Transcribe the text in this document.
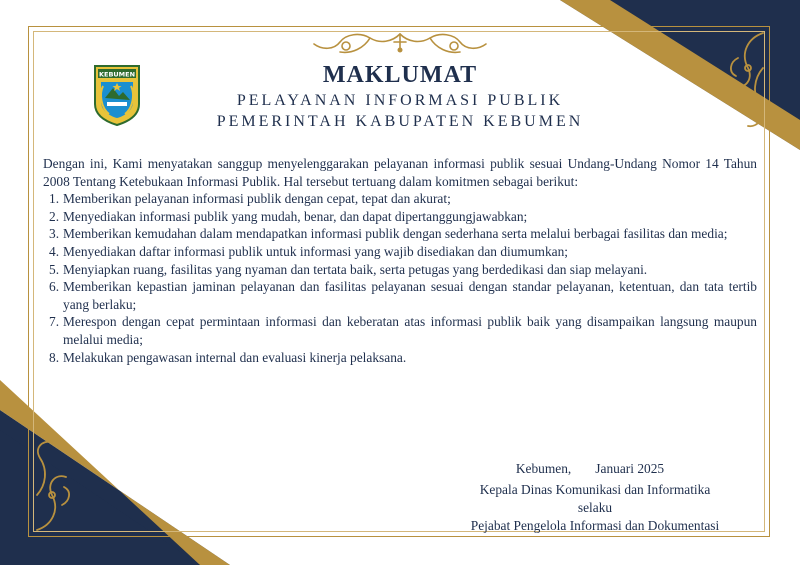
KEBUMEN	MAKLUMAT
PELAYANAN INFORMASI PUBLIK
PEMERINTAH KABUPATEN KEBUMEN

Dengan ini, Kami menyatakan sanggup menyelenggarakan pelayanan informasi publik sesuai Undang-Undang Nomor 14 Tahun 2008 Tentang Ketebukaan Informasi Publik. Hal tersebut tertuang dalam komitmen sebagai berikut:

1. Memberikan pelayanan informasi publik dengan cepat, tepat dan akurat;
2. Menyediakan informasi publik yang mudah, benar, dan dapat dipertanggungjawabkan;
3. Memberikan kemudahan dalam mendapatkan informasi publik dengan sederhana serta melalui berbagai fasilitas dan media;
4. Menyediakan daftar informasi publik untuk informasi yang wajib disediakan dan diumumkan;
5. Menyiapkan ruang, fasilitas yang nyaman dan tertata baik, serta petugas yang berdedikasi dan siap melayani.
6. Memberikan kepastian jaminan pelayanan dan fasilitas pelayanan sesuai dengan standar pelayanan, ketentuan, dan tata tertib yang berlaku;
7. Merespon dengan cepat permintaan informasi dan keberatan atas informasi publik baik yang disampaikan langsung maupun melalui media;
8. Melakukan pengawasan internal dan evaluasi kinerja pelaksana.
Kebumen, Januari 2025
Kepala Dinas Komunikasi dan Informatika
selaku
Pejabat Pengelola Informasi dan Dokumentasi
